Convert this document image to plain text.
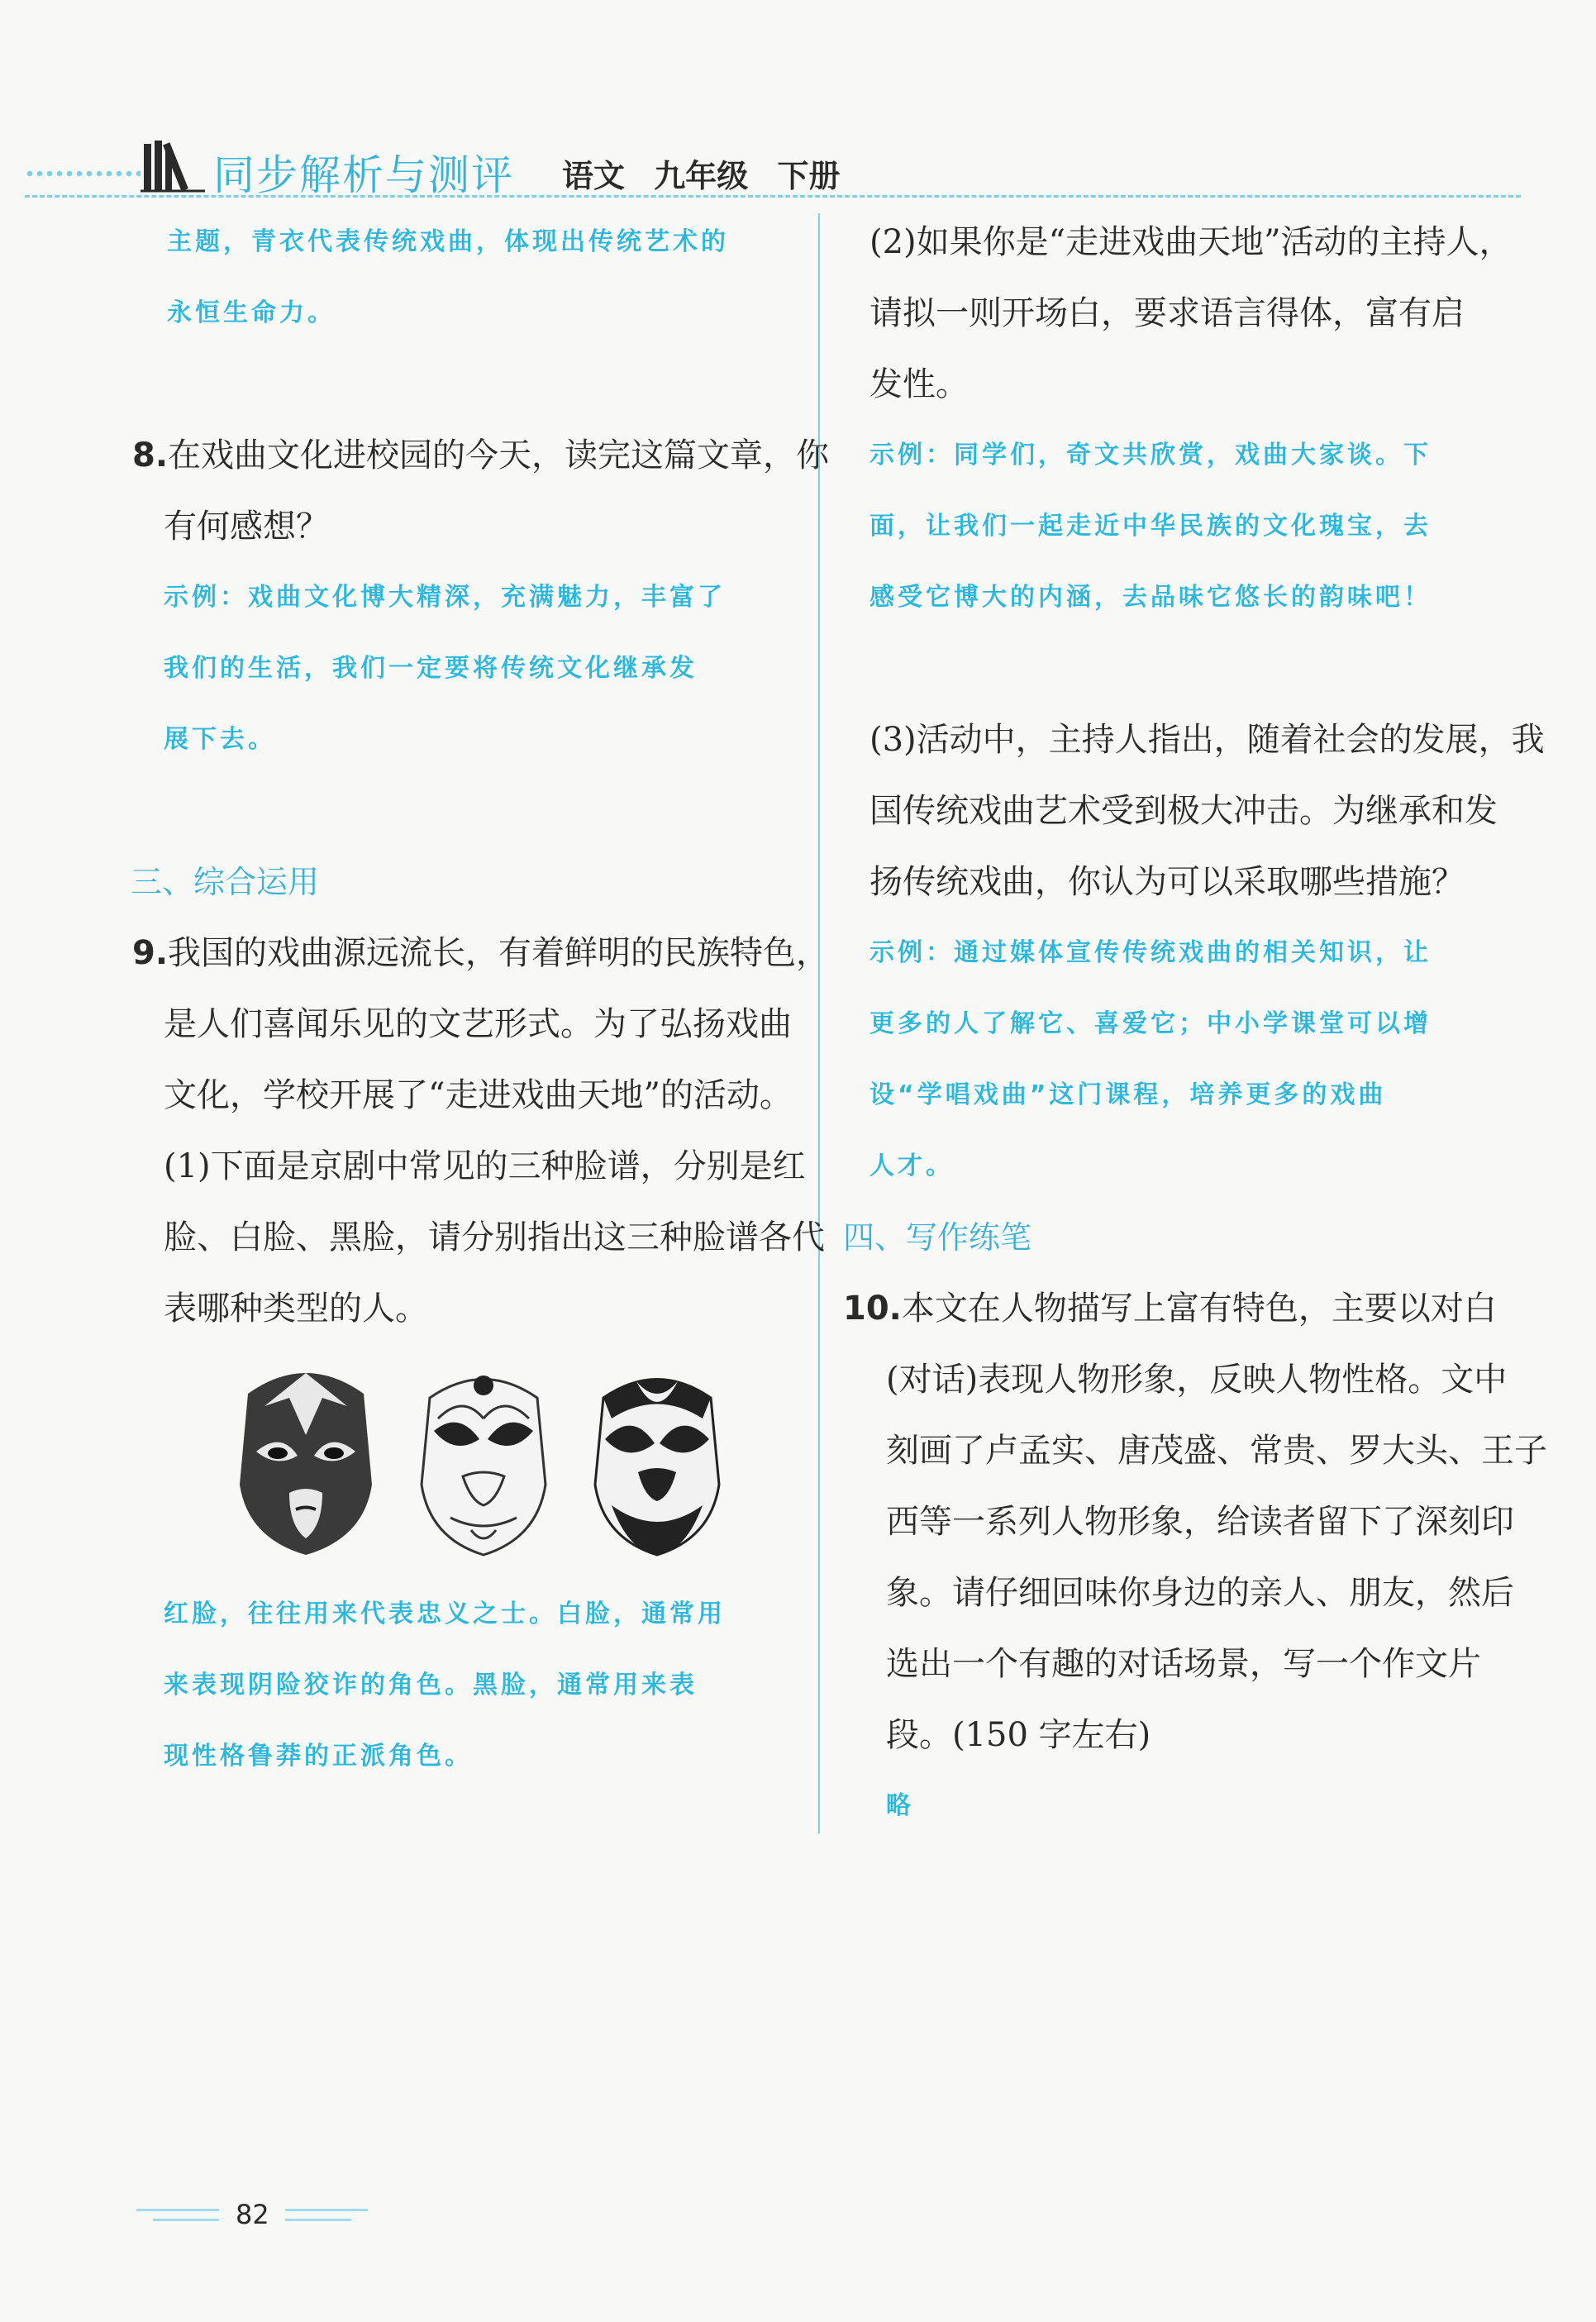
同步解析与测评 语文 九年级 下册
主题，青衣代表传统戏曲，体现出传统艺术的
永恒生命力。
8.在戏曲文化进校园的今天，读完这篇文章，你
有何感想？
示例：戏曲文化博大精深，充满魅力，丰富了
我们的生活，我们一定要将传统文化继承发
展下去。
三、综合运用
9.我国的戏曲源远流长，有着鲜明的民族特色，
是人们喜闻乐见的文艺形式。为了弘扬戏曲
文化，学校开展了“走进戏曲天地”的活动。
(1)下面是京剧中常见的三种脸谱，分别是红
脸、白脸、黑脸，请分别指出这三种脸谱各代
表哪种类型的人。
红脸，往往用来代表忠义之士。白脸，通常用
来表现阴险狡诈的角色。黑脸，通常用来表
现性格鲁莽的正派角色。
(2)如果你是“走进戏曲天地”活动的主持人，
请拟一则开场白，要求语言得体，富有启
发性。
示例：同学们，奇文共欣赏，戏曲大家谈。下
面，让我们一起走近中华民族的文化瑰宝，去
感受它博大的内涵，去品味它悠长的韵味吧！
(3)活动中，主持人指出，随着社会的发展，我
国传统戏曲艺术受到极大冲击。为继承和发
扬传统戏曲，你认为可以采取哪些措施？
示例：通过媒体宣传传统戏曲的相关知识，让
更多的人了解它、喜爱它；中小学课堂可以增
设“学唱戏曲”这门课程，培养更多的戏曲
人才。
四、写作练笔
10.本文在人物描写上富有特色，主要以对白
(对话)表现人物形象，反映人物性格。文中
刻画了卢孟实、唐茂盛、常贵、罗大头、王子
西等一系列人物形象，给读者留下了深刻印
象。请仔细回味你身边的亲人、朋友，然后
选出一个有趣的对话场景，写一个作文片
段。(150 字左右)
略
82
